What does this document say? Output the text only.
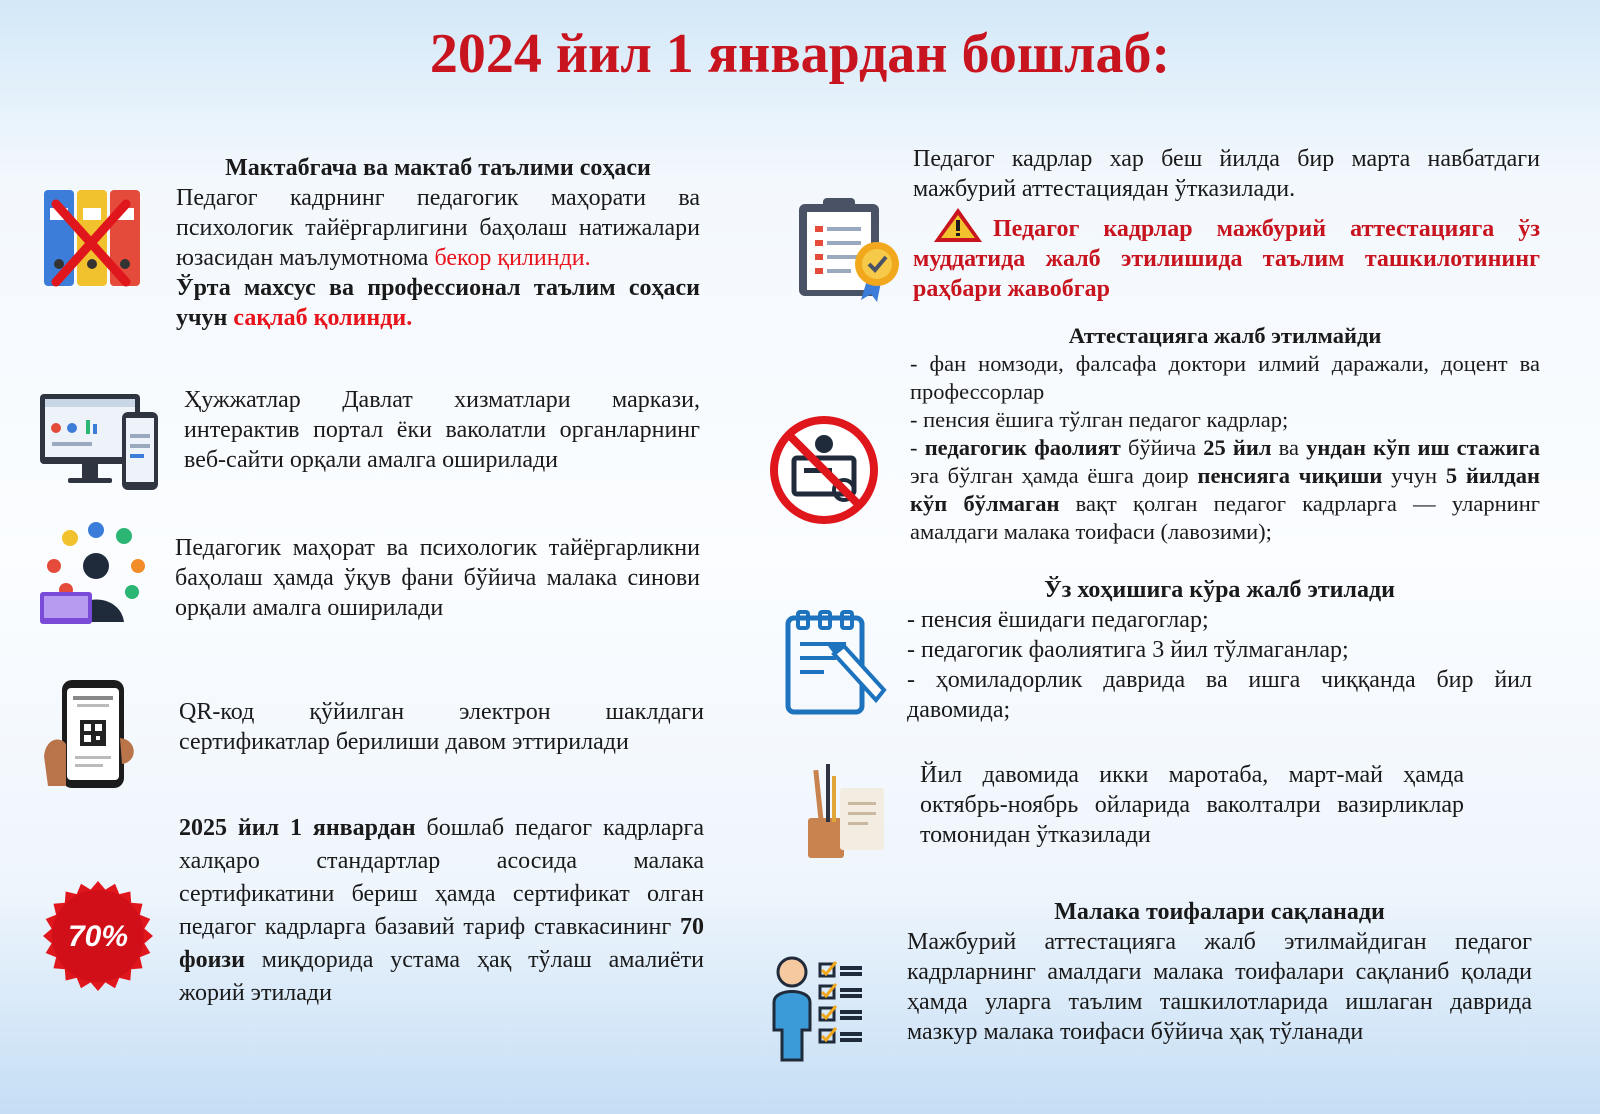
2024 йил 1 январдан бошлаб:

Мактабгача ва мактаб таълими соҳаси

Педагог кадрнинг педагогик маҳорати ва психологик тайёргарлигини баҳолаш натижалари юзасидан маълумотнома бекор қилинди.

Ўрта махсус ва профессионал таълим соҳаси учун сақлаб қолинди.

Ҳужжатлар Давлат хизматлари маркази, интерактив портал ёки ваколатли органларнинг веб-сайти орқали амалга оширилади

Педагогик маҳорат ва психологик тайёргарликни баҳолаш ҳамда ўқув фани бўйича малака синови орқали амалга оширилади

QR-код қўйилган электрон шаклдаги сертификатлар берилиши давом эттирилади

70%

2025 йил 1 январдан бошлаб педагог кадрларга халқаро стандартлар асосида малака сертификатини бериш ҳамда сертификат олган педагог кадрларга базавий тариф ставкасининг 70 фоизи миқдорида устама ҳақ тўлаш амалиёти жорий этилади

Педагог кадрлар хар беш йилда бир марта навбатдаги мажбурий аттестациядан ўтказилади.

Педагог кадрлар мажбурий аттестацияга ўз муддатида жалб этилишида таълим ташкилотининг раҳбари жавобгар

Аттестацияга жалб этилмайди

- фан номзоди, фалсафа доктори илмий даражали, доцент ва профессорлар

- пенсия ёшига тўлган педагог кадрлар;

- педагогик фаолият бўйича 25 йил ва ундан кўп иш стажига эга бўлган ҳамда ёшга доир пенсияга чиқиши учун 5 йилдан кўп бўлмаган вақт қолган педагог кадрларга — уларнинг амалдаги малака тоифаси (лавозими);

Ўз хоҳишига кўра жалб этилади

- пенсия ёшидаги педагоглар;

- педагогик фаолиятига 3 йил тўлмаганлар;

- ҳомиладорлик даврида ва ишга чиққанда бир йил давомида;

Йил давомида икки маротаба, март-май ҳамда октябрь-ноябрь ойларида ваколталри вазирликлар томонидан ўтказилади

Малака тоифалари сақланади

Мажбурий аттестацияга жалб этилмайдиган педагог кадрларнинг амалдаги малака тоифалари сақланиб қолади ҳамда уларга таълим ташкилотларида ишлаган даврида мазкур малака тоифаси бўйича ҳақ тўланади
